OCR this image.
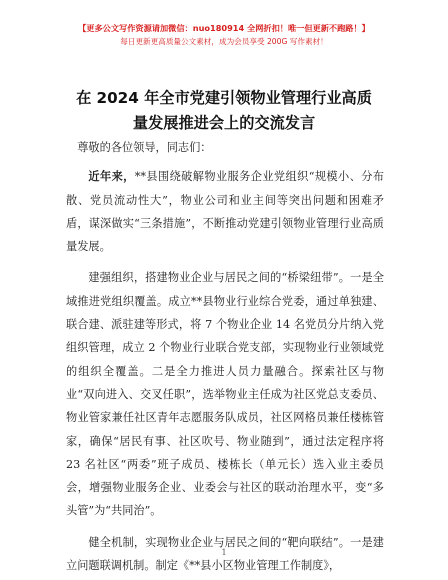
【更多公文写作资源请加微信：nuo180914 全网折扣！唯一但更新不跑路！】
每日更新更高质量公文素材，成为会员享受 200G 写作素材！
在 2024 年全市党建引领物业管理行业高质量发展推进会上的交流发言

尊敬的各位领导，同志们：

近年来，**县围绕破解物业服务企业党组织“规模小、分布散、党员流动性大”，物业公司和业主间等突出问题和困难矛盾，谋深做实“三条措施”，不断推动党建引领物业管理行业高质量发展。

建强组织，搭建物业企业与居民之间的“桥梁纽带”。一是全域推进党组织覆盖。成立**县物业行业综合党委，通过单独建、联合建、派驻建等形式，将 7 个物业企业 14 名党员分片纳入党组织管理，成立 2 个物业行业联合党支部，实现物业行业领域党的组织全覆盖。二是全力推进人员力量融合。探索社区与物业“双向进入、交叉任职”，选举物业主任成为社区党总支委员、物业管家兼任社区青年志愿服务队成员，社区网格员兼任楼栋管家，确保“居民有事、社区吹号、物业随到”，通过法定程序将 23 名社区“两委”班子成员、楼栋长（单元长）选入业主委员会，增强物业服务企业、业委会与社区的联动治理水平，变“多头管”为“共同治”。

健全机制，实现物业企业与居民之间的“靶向联结”。一是建立问题联调机制。制定《**县小区物业管理工作制度》，

1
